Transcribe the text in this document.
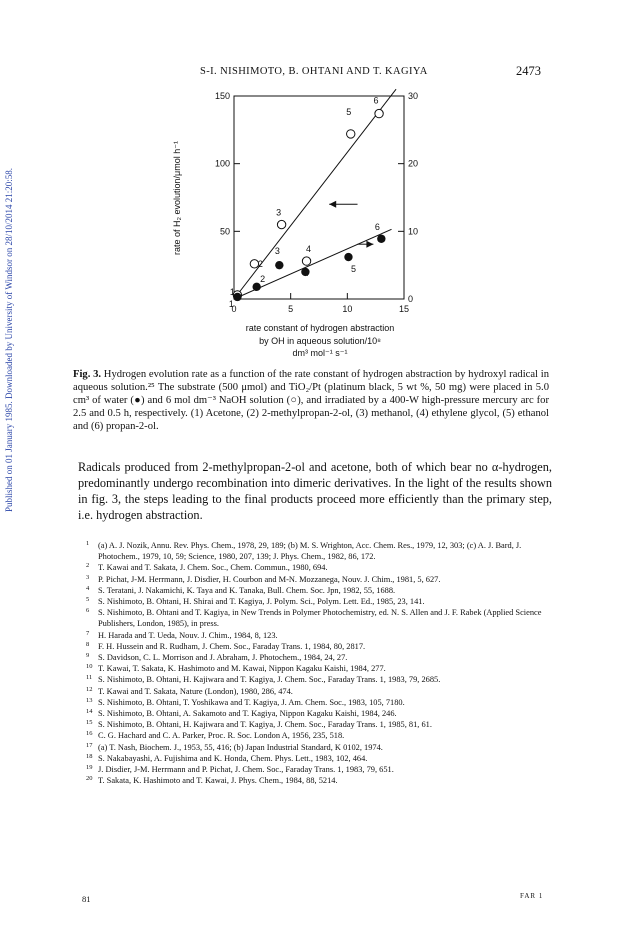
Published on 01 January 1985. Downloaded by University of Windsor on 28/10/2014 21:20:58.
S-I. NISHIMOTO, B. OHTANI AND T. KAGIYA	2473
0	5	10	15
150
100
50
30
20
10
0
1
2
3
4
5
6
1
2
3
4	5
6
rate of H₂ evolution/μmol h⁻¹
rate constant of hydrogen abstraction
by OH in aqueous solution/10⁸
dm³ mol⁻¹ s⁻¹
Fig. 3. Hydrogen evolution rate as a function of the rate constant of hydrogen abstraction by hydroxyl radical in aqueous solution.²⁵ The substrate (500 μmol) and TiO₂/Pt (platinum black, 5 wt %, 50 mg) were placed in 5.0 cm³ of water (●) and 6 mol dm⁻³ NaOH solution (○), and irradiated by a 400-W high-pressure mercury arc for 2.5 and 0.5 h, respectively. (1) Acetone, (2) 2-methylpropan-2-ol, (3) methanol, (4) ethylene glycol, (5) ethanol and (6) propan-2-ol.
Radicals produced from 2-methylpropan-2-ol and acetone, both of which bear no α-hydrogen, predominantly undergo recombination into dimeric derivatives. In the light of the results shown in fig. 3, the steps leading to the final products proceed more efficiently than the primary step, i.e. hydrogen abstraction.
1 (a) A. J. Nozik, Annu. Rev. Phys. Chem., 1978, 29, 189; (b) M. S. Wrighton, Acc. Chem. Res., 1979, 12, 303; (c) A. J. Bard, J. Photochem., 1979, 10, 59; Science, 1980, 207, 139; J. Phys. Chem., 1982, 86, 172.
2 T. Kawai and T. Sakata, J. Chem. Soc., Chem. Commun., 1980, 694.
3 P. Pichat, J-M. Herrmann, J. Disdier, H. Courbon and M-N. Mozzanega, Nouv. J. Chim., 1981, 5, 627.
4 S. Teratani, J. Nakamichi, K. Taya and K. Tanaka, Bull. Chem. Soc. Jpn, 1982, 55, 1688.
5 S. Nishimoto, B. Ohtani, H. Shirai and T. Kagiya, J. Polym. Sci., Polym. Lett. Ed., 1985, 23, 141.
6 S. Nishimoto, B. Ohtani and T. Kagiya, in New Trends in Polymer Photochemistry, ed. N. S. Allen and J. F. Rabek (Applied Science Publishers, London, 1985), in press.
7 H. Harada and T. Ueda, Nouv. J. Chim., 1984, 8, 123.
8 F. H. Hussein and R. Rudham, J. Chem. Soc., Faraday Trans. 1, 1984, 80, 2817.
9 S. Davidson, C. L. Morrison and J. Abraham, J. Photochem., 1984, 24, 27.
10 T. Kawai, T. Sakata, K. Hashimoto and M. Kawai, Nippon Kagaku Kaishi, 1984, 277.
11 S. Nishimoto, B. Ohtani, H. Kajiwara and T. Kagiya, J. Chem. Soc., Faraday Trans. 1, 1983, 79, 2685.
12 T. Kawai and T. Sakata, Nature (London), 1980, 286, 474.
13 S. Nishimoto, B. Ohtani, T. Yoshikawa and T. Kagiya, J. Am. Chem. Soc., 1983, 105, 7180.
14 S. Nishimoto, B. Ohtani, A. Sakamoto and T. Kagiya, Nippon Kagaku Kaishi, 1984, 246.
15 S. Nishimoto, B. Ohtani, H. Kajiwara and T. Kagiya, J. Chem. Soc., Faraday Trans. 1, 1985, 81, 61.
16 C. G. Hachard and C. A. Parker, Proc. R. Soc. London A, 1956, 235, 518.
17 (a) T. Nash, Biochem. J., 1953, 55, 416; (b) Japan Industrial Standard, K 0102, 1974.
18 S. Nakabayashi, A. Fujishima and K. Honda, Chem. Phys. Lett., 1983, 102, 464.
19 J. Disdier, J-M. Herrmann and P. Pichat, J. Chem. Soc., Faraday Trans. 1, 1983, 79, 651.
20 T. Sakata, K. Hashimoto and T. Kawai, J. Phys. Chem., 1984, 88, 5214.
81	FAR 1
